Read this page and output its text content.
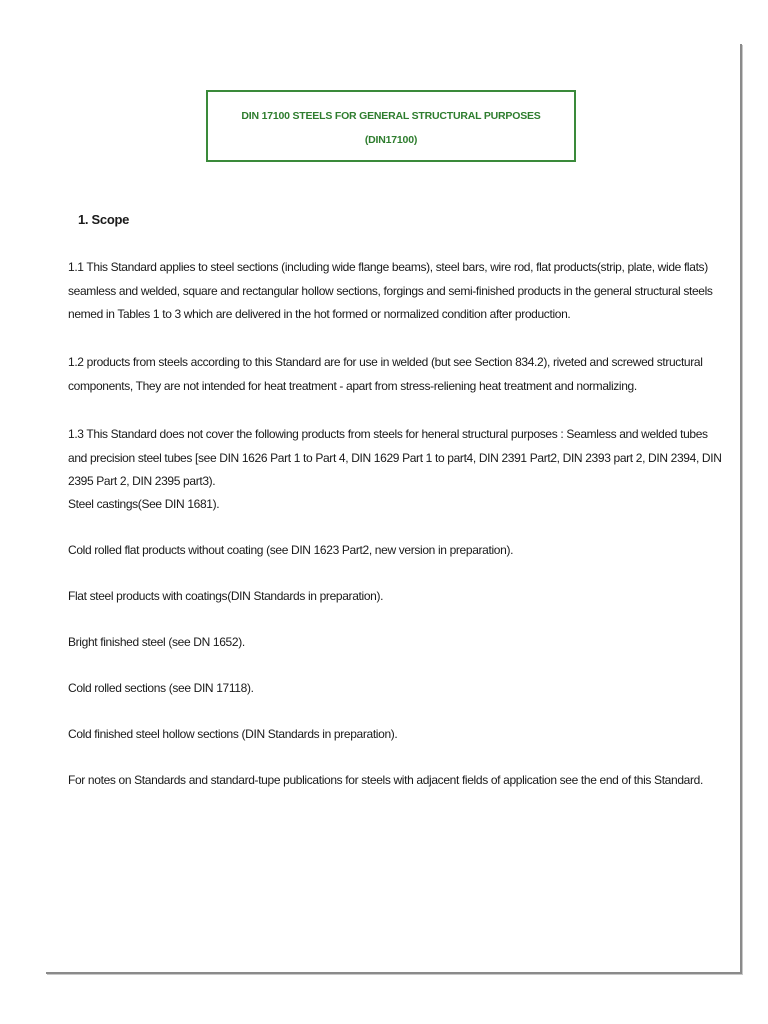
DIN 17100 STEELS FOR GENERAL STRUCTURAL PURPOSES
(DIN17100)
1. Scope

1.1 This Standard applies to steel sections (including wide flange beams), steel bars, wire rod, flat products(strip, plate, wide flats) seamless and welded, square and rectangular hollow sections, forgings and semi-finished products in the general structural steels nemed in Tables 1 to 3 which are delivered in the hot formed or normalized condition after production.

1.2 products from steels according to this Standard are for use in welded (but see Section 834.2), riveted and screwed structural components, They are not intended for heat treatment - apart from stress-reliening heat treatment and normalizing.

1.3 This Standard does not cover the following products from steels for heneral structural purposes : Seamless and welded tubes and precision steel tubes [see DIN 1626 Part 1 to Part 4, DIN 1629 Part 1 to part4, DIN 2391 Part2, DIN 2393 part 2, DIN 2394, DIN 2395 Part 2, DIN 2395 part3).

Steel castings(See DIN 1681).

Cold rolled flat products without coating (see DIN 1623 Part2, new version in preparation).

Flat steel products with coatings(DIN Standards in preparation).

Bright finished steel (see DN 1652).

Cold rolled sections (see DIN 17118).

Cold finished steel hollow sections (DIN Standards in preparation).

For notes on Standards and standard-tupe publications for steels with adjacent fields of application see the end of this Standard.
